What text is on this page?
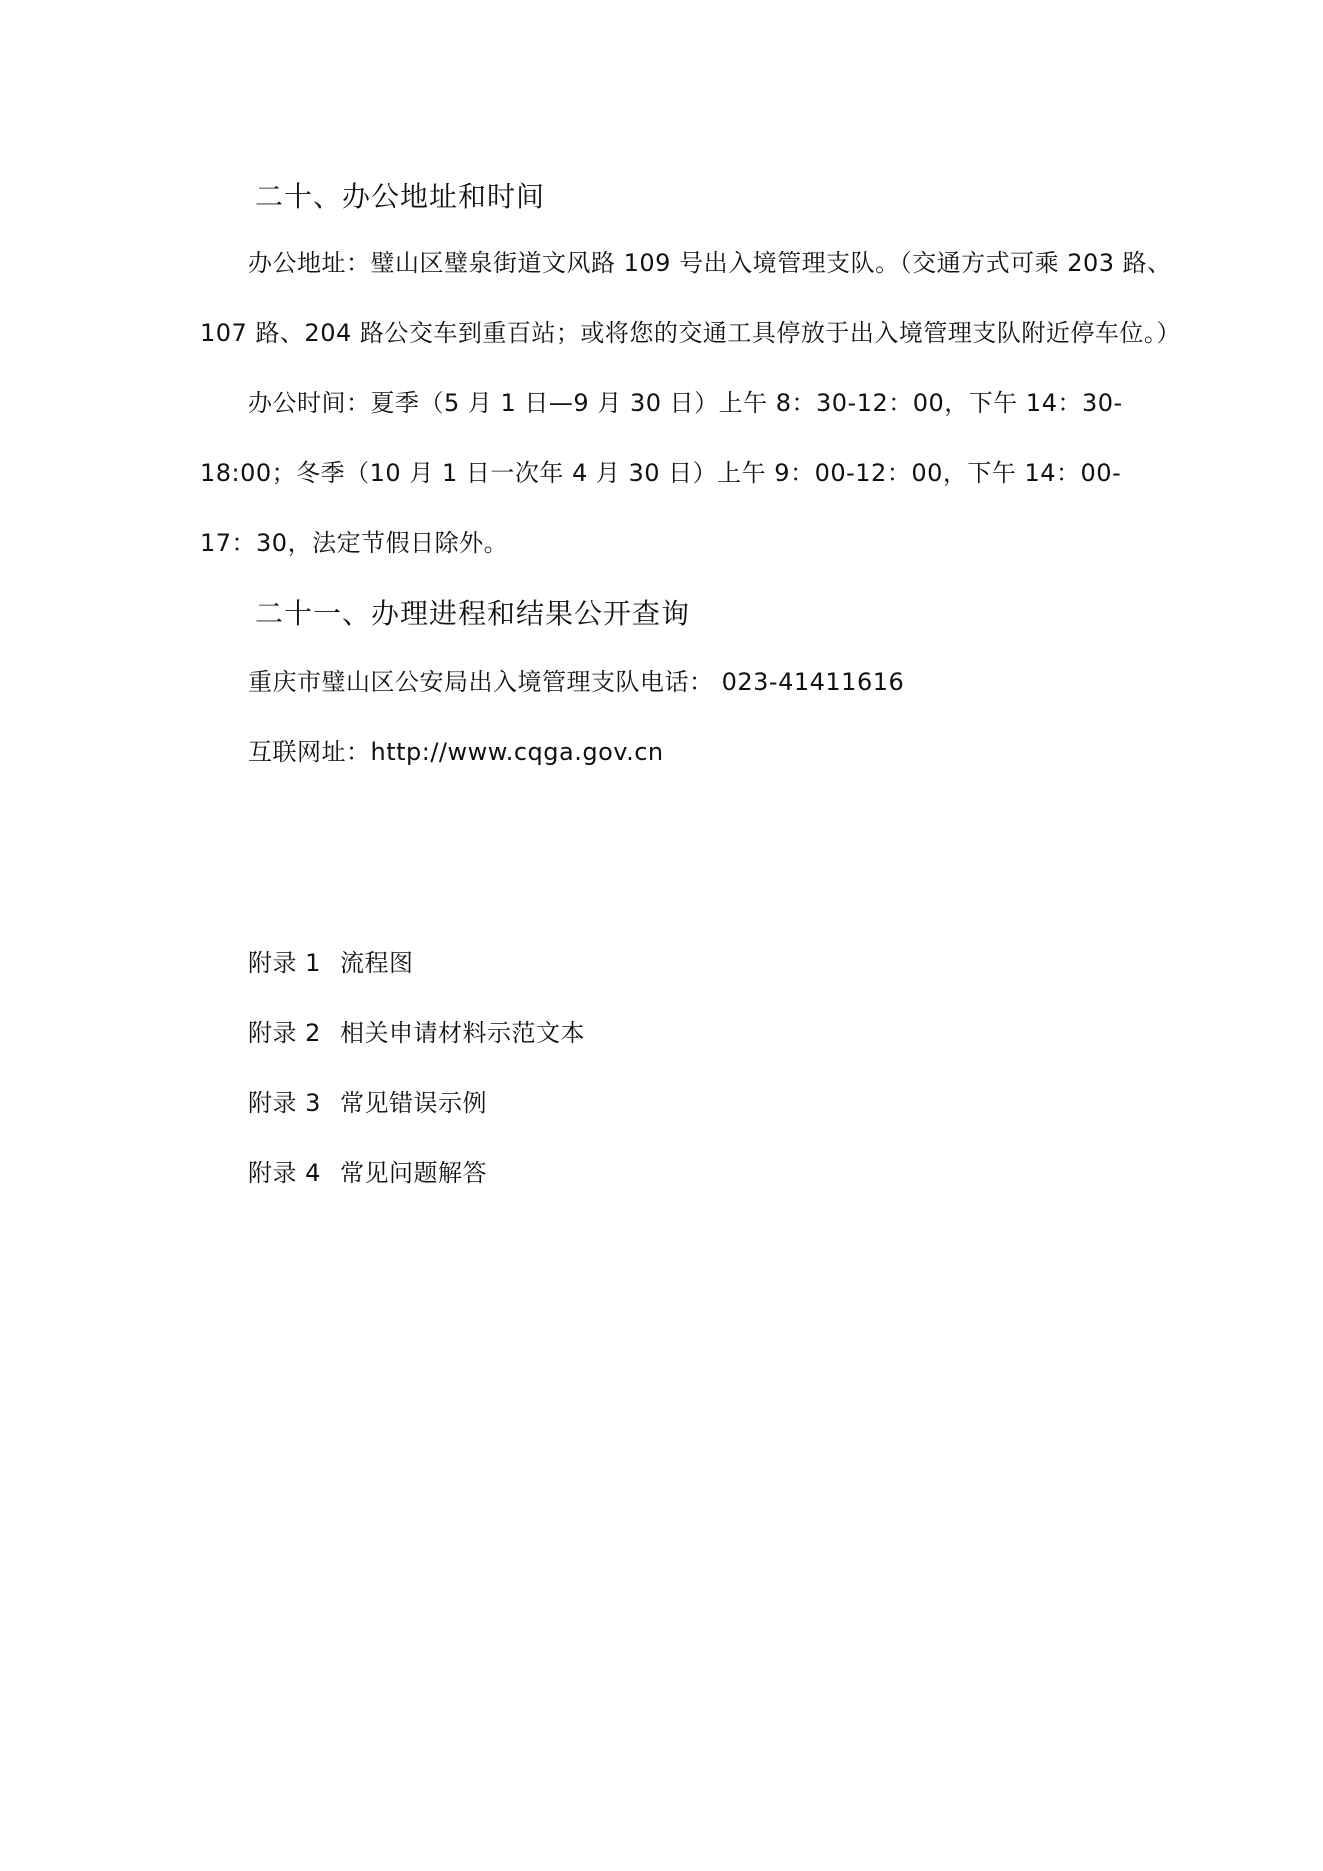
二十、办公地址和时间
办公地址：璧山区璧泉街道文风路 109 号出入境管理支队。（交通方式可乘 203 路、
107 路、204 路公交车到重百站；或将您的交通工具停放于出入境管理支队附近停车位。）
办公时间：夏季（5 月 1 日—9 月 30 日）上午 8：30-12：00，下午 14：30-
18:00；冬季（10 月 1 日一次年 4 月 30 日）上午 9：00-12：00，下午 14：00-
17：30，法定节假日除外。
二十一、办理进程和结果公开查询
重庆市璧山区公安局出入境管理支队电话： 023-41411616
互联网址：http://www.cqga.gov.cn
附录 1 流程图
附录 2 相关申请材料示范文本
附录 3 常见错误示例
附录 4 常见问题解答
